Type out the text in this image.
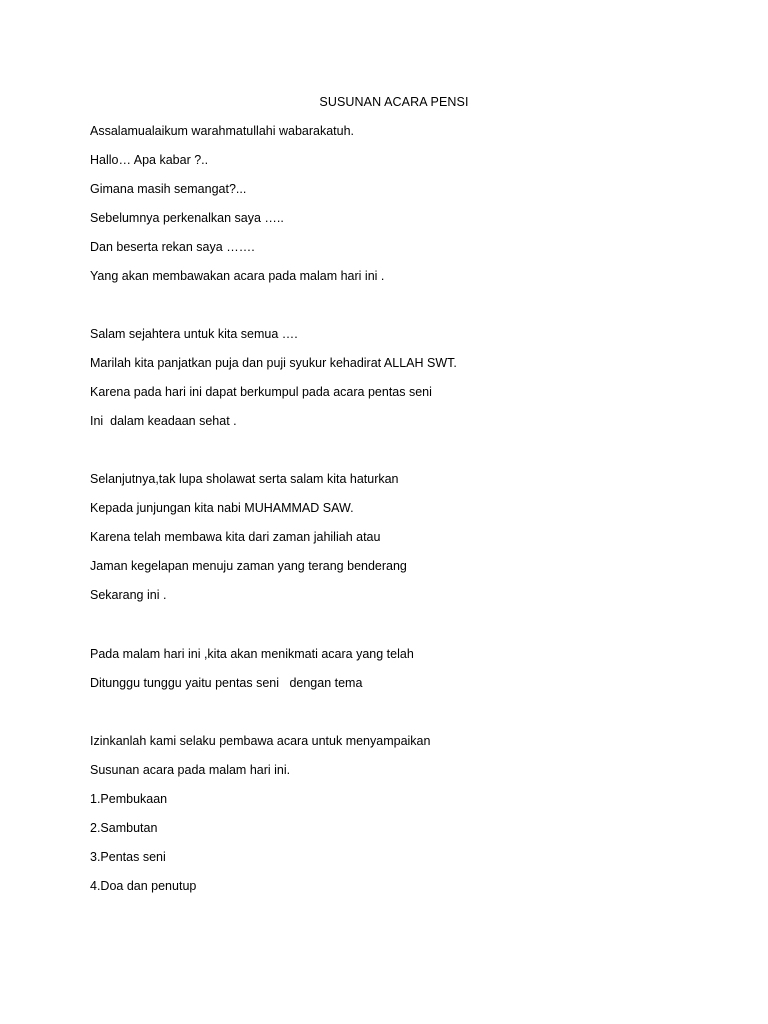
SUSUNAN ACARA PENSI
Assalamualaikum warahmatullahi wabarakatuh.
Hallo… Apa kabar ?..
Gimana masih semangat?...
Sebelumnya perkenalkan saya …..
Dan beserta rekan saya …….
Yang akan membawakan acara pada malam hari ini .
Salam sejahtera untuk kita semua ….
Marilah kita panjatkan puja dan puji syukur kehadirat ALLAH SWT.
Karena pada hari ini dapat berkumpul pada acara pentas seni
Ini  dalam keadaan sehat .
Selanjutnya,tak lupa sholawat serta salam kita haturkan
Kepada junjungan kita nabi MUHAMMAD SAW.
Karena telah membawa kita dari zaman jahiliah atau
Jaman kegelapan menuju zaman yang terang benderang
Sekarang ini .
Pada malam hari ini ,kita akan menikmati acara yang telah
Ditunggu tunggu yaitu pentas seni   dengan tema
Izinkanlah kami selaku pembawa acara untuk menyampaikan
Susunan acara pada malam hari ini.
1.Pembukaan
2.Sambutan
3.Pentas seni
4.Doa dan penutup
